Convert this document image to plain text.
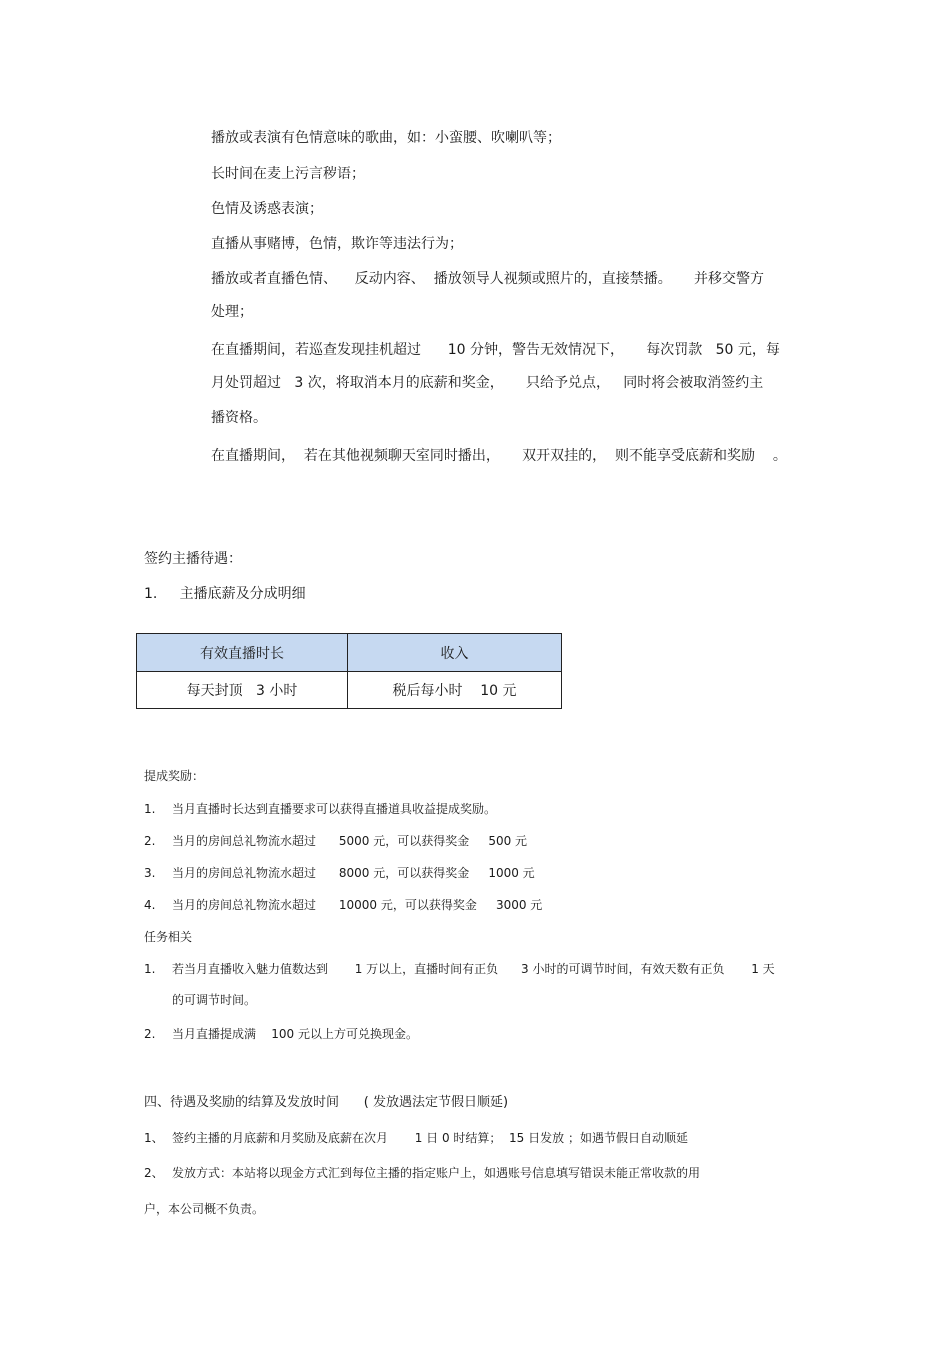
播放或表演有色情意味的歌曲，如：小蛮腰、吹喇叭等；
长时间在麦上污言秽语；
色情及诱惑表演；
直播从事赌博，色情，欺诈等违法行为；
播放或者直播色情、    反动内容、  播放领导人视频或照片的，直接禁播。     并移交警方
处理；
在直播期间，若巡查发现挂机超过      10 分钟，警告无效情况下，     每次罚款   50 元，每
月处罚超过   3 次，将取消本月的底薪和奖金，     只给予兑点，   同时将会被取消签约主
播资格。
在直播期间，  若在其他视频聊天室同时播出，     双开双挂的，  则不能享受底薪和奖励    。
签约主播待遇：
1.     主播底薪及分成明细
有效直播时长	收入
每天封顶   3 小时	税后每小时    10 元
提成奖励：
1. 当月直播时长达到直播要求可以获得直播道具收益提成奖励。
2. 当月的房间总礼物流水超过      5000 元，可以获得奖金     500 元
3. 当月的房间总礼物流水超过      8000 元，可以获得奖金     1000 元
4. 当月的房间总礼物流水超过      10000 元，可以获得奖金     3000 元
任务相关
1. 若当月直播收入魅力值数达到       1 万以上，直播时间有正负      3 小时的可调节时间，有效天数有正负       1 天
的可调节时间。
2. 当月直播提成满    100 元以上方可兑换现金。
四、待遇及奖励的结算及发放时间      ( 发放遇法定节假日顺延)
1、 签约主播的月底薪和月奖励及底薪在次月       1 日 0 时结算；  15 日发放 ；如遇节假日自动顺延
2、 发放方式：本站将以现金方式汇到每位主播的指定账户上，如遇账号信息填写错误未能正常收款的用
户，本公司概不负责。
